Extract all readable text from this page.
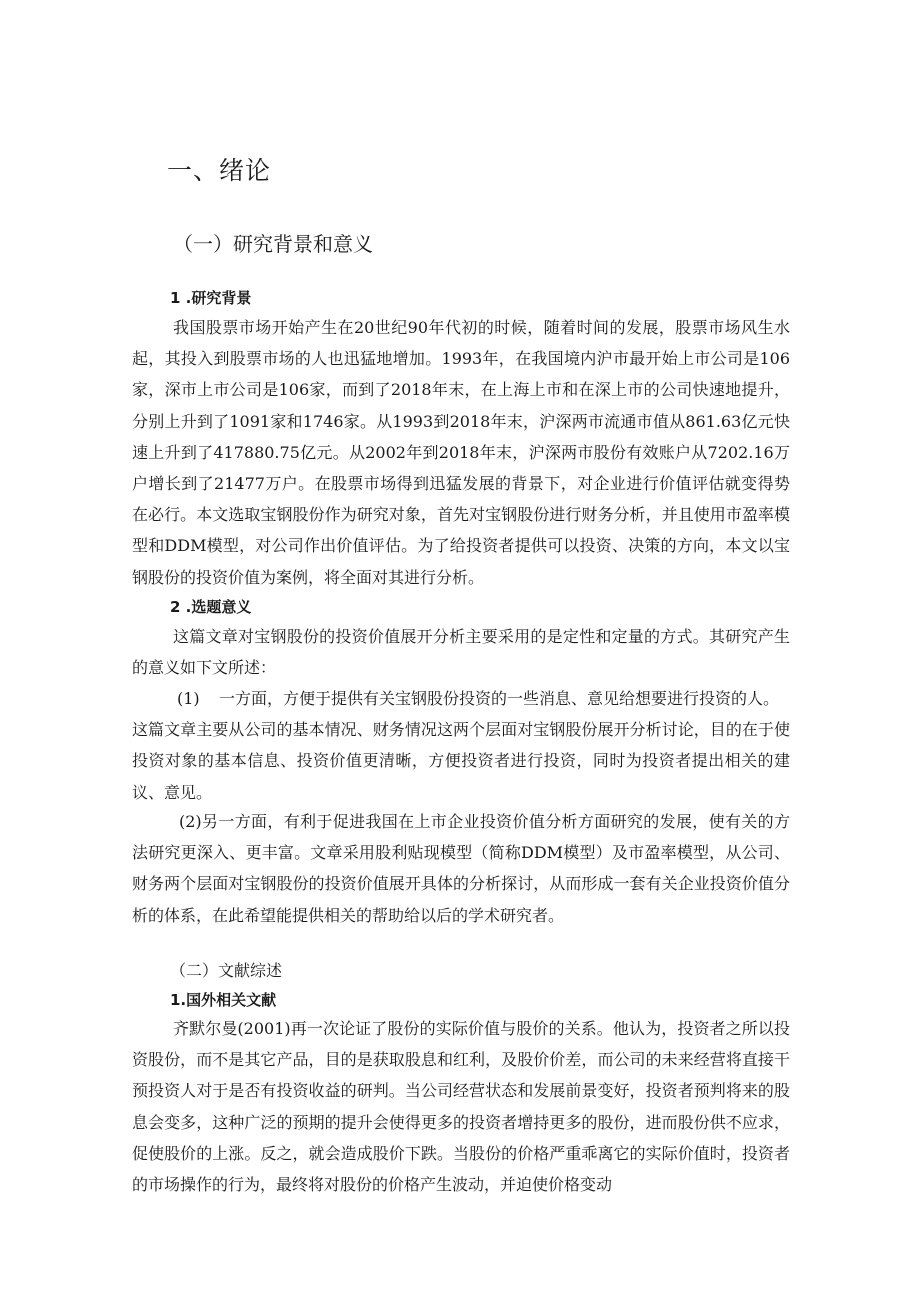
一、绪论
（一）研究背景和意义
1 .研究背景
我国股票市场开始产生在20世纪90年代初的时候，随着时间的发展，股票市场风生水起，其投入到股票市场的人也迅猛地增加。1993年，在我国境内沪市最开始上市公司是106家，深市上市公司是106家，而到了2018年末，在上海上市和在深上市的公司快速地提升，分别上升到了1091家和1746家。从1993到2018年末，沪深两市流通市值从861.63亿元快速上升到了417880.75亿元。从2002年到2018年末，沪深两市股份有效账户从7202.16万户增长到了21477万户。在股票市场得到迅猛发展的背景下，对企业进行价值评估就变得势在必行。本文选取宝钢股份作为研究对象，首先对宝钢股份进行财务分析，并且使用市盈率模型和DDM模型，对公司作出价值评估。为了给投资者提供可以投资、决策的方向，本文以宝钢股份的投资价值为案例，将全面对其进行分析。
2 .选题意义
这篇文章对宝钢股份的投资价值展开分析主要采用的是定性和定量的方式。其研究产生的意义如下文所述：
(1) 一方面，方便于提供有关宝钢股份投资的一些消息、意见给想要进行投资的人。
这篇文章主要从公司的基本情况、财务情况这两个层面对宝钢股份展开分析讨论，目的在于使投资对象的基本信息、投资价值更清晰，方便投资者进行投资，同时为投资者提出相关的建议、意见。
(2)另一方面，有利于促进我国在上市企业投资价值分析方面研究的发展，使有关的方法研究更深入、更丰富。文章采用股利贴现模型（简称DDM模型）及市盈率模型，从公司、财务两个层面对宝钢股份的投资价值展开具体的分析探讨，从而形成一套有关企业投资价值分析的体系，在此希望能提供相关的帮助给以后的学术研究者。
（二）文献综述
1.国外相关文献
齐默尔曼(2001)再一次论证了股份的实际价值与股价的关系。他认为，投资者之所以投资股份，而不是其它产品，目的是获取股息和红利，及股价价差，而公司的未来经营将直接干预投资人对于是否有投资收益的研判。当公司经营状态和发展前景变好，投资者预判将来的股息会变多，这种广泛的预期的提升会使得更多的投资者增持更多的股份，进而股份供不应求，促使股价的上涨。反之，就会造成股价下跌。当股份的价格严重乖离它的实际价值时，投资者的市场操作的行为，最终将对股份的价格产生波动，并迫使价格变动
